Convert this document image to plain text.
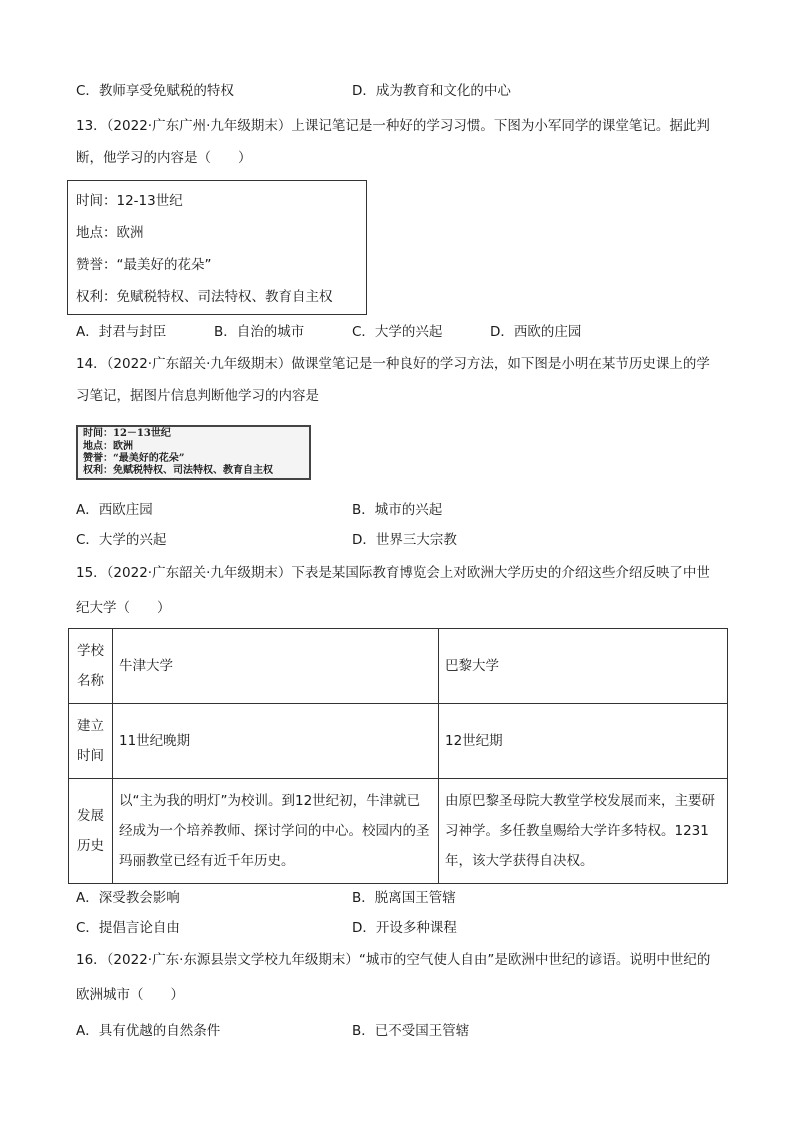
C．教师享受免赋税的特权	D．成为教育和文化的中心
13．（2022·广东广州·九年级期末）上课记笔记是一种好的学习习惯。下图为小军同学的课堂笔记。据此判
断，他学习的内容是（　　）
时间：12-13世纪
地点：欧洲
赞誉：“最美好的花朵”
权利：免赋税特权、司法特权、教育自主权
A．封君与封臣	B．自治的城市	C．大学的兴起	D．西欧的庄园
14．（2022·广东韶关·九年级期末）做课堂笔记是一种良好的学习方法，如下图是小明在某节历史课上的学
习笔记，据图片信息判断他学习的内容是
时间：12－13世纪
地点：欧洲
赞誉：“最美好的花朵”
权利：免赋税特权、司法特权、教育自主权
A．西欧庄园	B．城市的兴起
C．大学的兴起	D．世界三大宗教
15．（2022·广东韶关·九年级期末）下表是某国际教育博览会上对欧洲大学历史的介绍这些介绍反映了中世
纪大学（　　）
学校
名称	牛津大学	巴黎大学
建立
时间	11世纪晚期	12世纪期
发展
历史	以“主为我的明灯”为校训。到12世纪初，牛津就已经成为一个培养教师、探讨学问的中心。校园内的圣玛丽教堂已经有近千年历史。	由原巴黎圣母院大教堂学校发展而来，主要研习神学。多任教皇赐给大学许多特权。1231年，该大学获得自决权。
A．深受教会影响	B．脱离国王管辖
C．提倡言论自由	D．开设多种课程
16．（2022·广东·东源县崇文学校九年级期末）“城市的空气使人自由”是欧洲中世纪的谚语。说明中世纪的
欧洲城市（　　）
A．具有优越的自然条件	B．已不受国王管辖
